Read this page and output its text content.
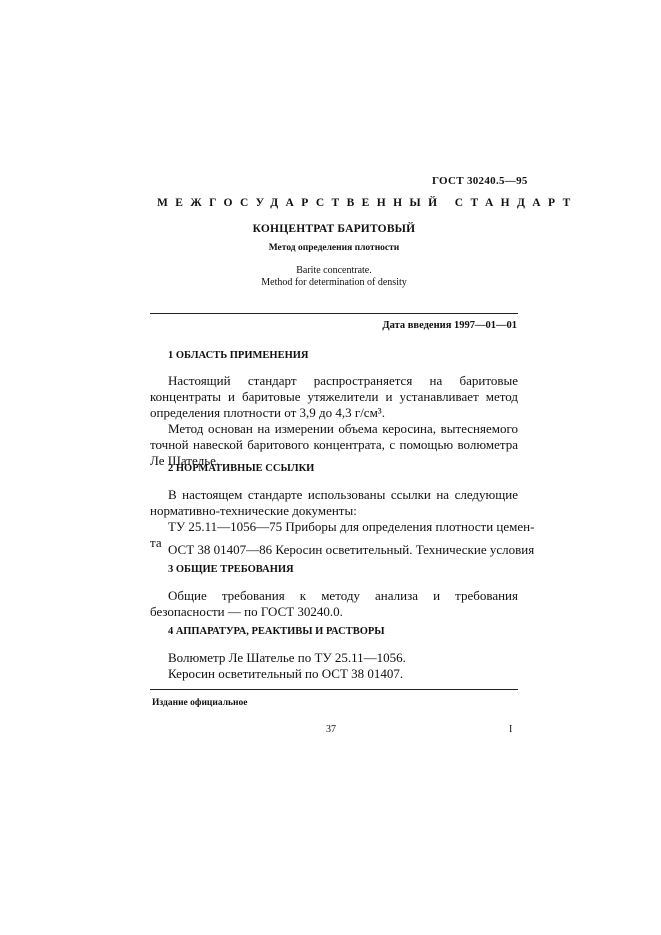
ГОСТ 30240.5—95
МЕЖГОСУДАРСТВЕННЫЙ СТАНДАРТ
КОНЦЕНТРАТ БАРИТОВЫЙ
Метод определения плотности
Barite concentrate.
Method for determination of density
Дата введения 1997—01—01
1 ОБЛАСТЬ ПРИМЕНЕНИЯ
Настоящий стандарт распространяется на баритовые концентраты и баритовые утяжелители и устанавливает метод определения плотности от 3,9 до 4,3 г/см³.
Метод основан на измерении объема керосина, вытесняемого точной навеской баритового концентрата, с помощью волюметра Ле Шателье.
2 НОРМАТИВНЫЕ ССЫЛКИ
В настоящем стандарте использованы ссылки на следующие нормативно-технические документы:
ТУ 25.11—1056—75 Приборы для определения плотности цемен-
та ОСТ 38 01407—86 Керосин осветительный. Технические условия
3 ОБЩИЕ ТРЕБОВАНИЯ
Общие требования к методу анализа и требования безопасности — по ГОСТ 30240.0.
4 АППАРАТУРА, РЕАКТИВЫ И РАСТВОРЫ
Волюметр Ле Шателье по ТУ 25.11—1056.
Керосин осветительный по ОСТ 38 01407.
Издание официальное
37	I
